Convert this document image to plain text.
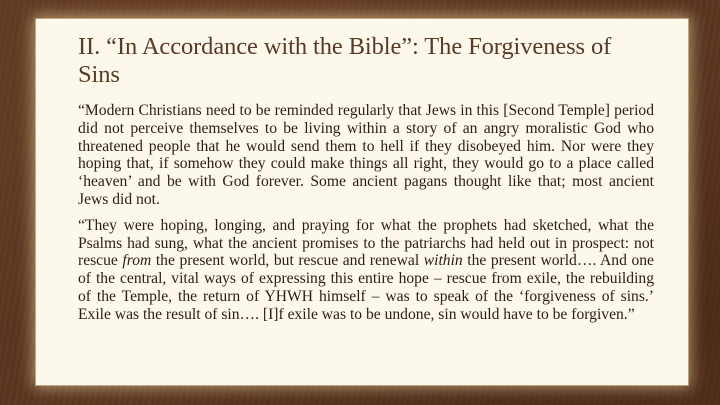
II. “In Accordance with the Bible”: The Forgiveness of Sins

“Modern Christians need to be reminded regularly that Jews in this [Second Temple] period did not perceive themselves to be living within a story of an angry moralistic God who threatened people that he would send them to hell if they disobeyed him. Nor were they hoping that, if somehow they could make things all right, they would go to a place called ‘heaven’ and be with God forever. Some ancient pagans thought like that; most ancient Jews did not.

“They were hoping, longing, and praying for what the prophets had sketched, what the Psalms had sung, what the ancient promises to the patriarchs had held out in prospect: not rescue from the present world, but rescue and renewal within the present world…. And one of the central, vital ways of expressing this entire hope – rescue from exile, the rebuilding of the Temple, the return of YHWH himself – was to speak of the ‘forgiveness of sins.’ Exile was the result of sin…. [I]f exile was to be undone, sin would have to be forgiven.”
